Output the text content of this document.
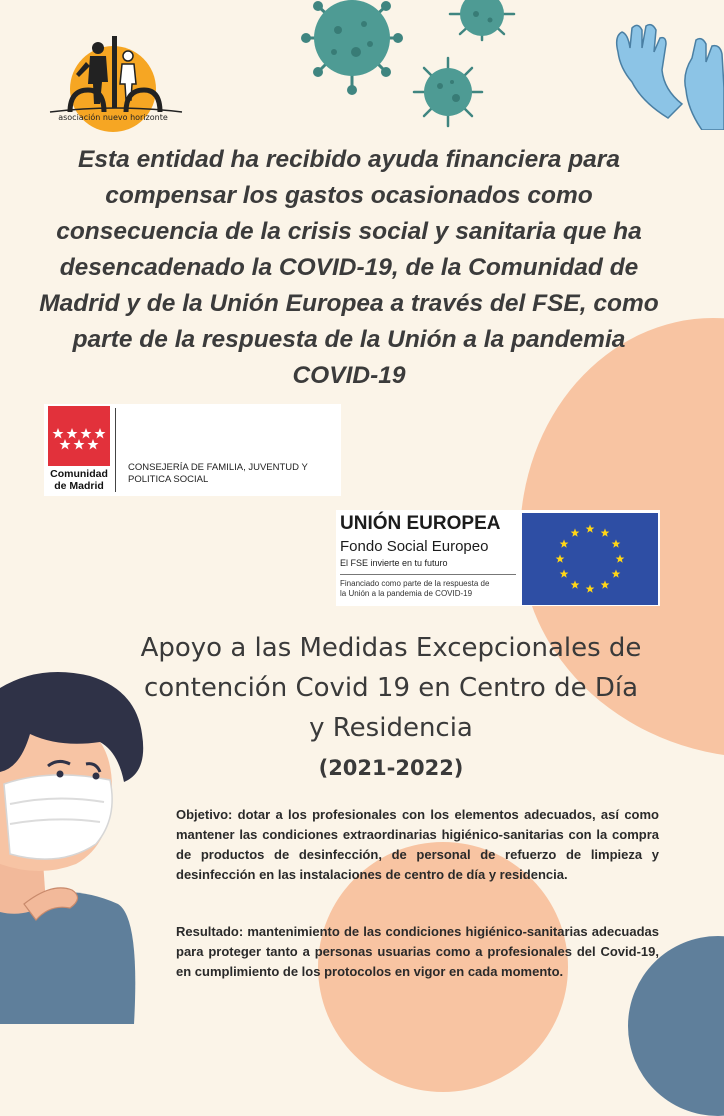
asociación nuevo horizonte
Esta entidad ha recibido ayuda financiera para compensar los gastos ocasionados como consecuencia de la crisis social y sanitaria que ha desencadenado la COVID-19, de la Comunidad de Madrid y de la Unión Europea a través del FSE, como parte de la respuesta de la Unión a la pandemia COVID-19
Comunidad
de Madrid
CONSEJERÍA DE FAMILIA, JUVENTUD Y
POLITICA SOCIAL
UNIÓN EUROPEA
Fondo Social Europeo
El FSE invierte en tu futuro
Financiado como parte de la respuesta de
la Unión a la pandemia de COVID-19
Apoyo a las Medidas Excepcionales de
contención Covid 19 en Centro de Día
y Residencia
(2021-2022)
Objetivo: dotar a los profesionales con los elementos adecuados, así como mantener las condiciones extraordinarias higiénico-sanitarias con la compra de productos de desinfección, de personal de refuerzo de limpieza y desinfección en las instalaciones de centro de día y residencia.
Resultado: mantenimiento de las condiciones higiénico-sanitarias adecuadas para proteger tanto a personas usuarias como a profesionales del Covid-19, en cumplimiento de los protocolos en vigor en cada momento.
